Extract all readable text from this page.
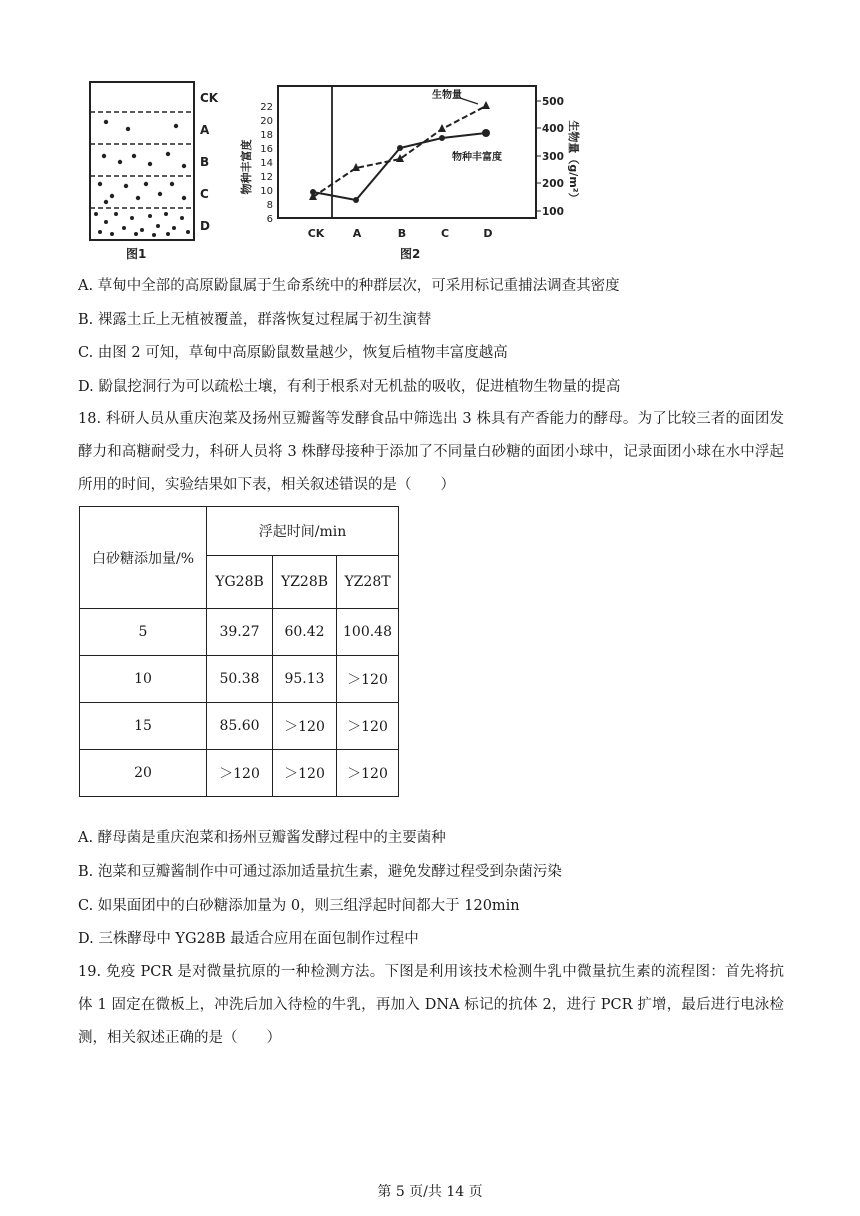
CK
A
B
C
D
图1
6
8
10
12
14
16
18
20
22
100
200
300
400
500
物种丰富度	生物量（g/m²）
CK	A	B	C	D
生物量
物种丰富度
图2
A. 草甸中全部的高原鼢鼠属于生命系统中的种群层次，可采用标记重捕法调查其密度
B. 裸露土丘上无植被覆盖，群落恢复过程属于初生演替
C. 由图 2 可知，草甸中高原鼢鼠数量越少，恢复后植物丰富度越高
D. 鼢鼠挖洞行为可以疏松土壤，有利于根系对无机盐的吸收，促进植物生物量的提高
18. 科研人员从重庆泡菜及扬州豆瓣酱等发酵食品中筛选出 3 株具有产香能力的酵母。为了比较三者的面团发酵力和高糖耐受力，科研人员将 3 株酵母接种于添加了不同量白砂糖的面团小球中，记录面团小球在水中浮起所用的时间，实验结果如下表，相关叙述错误的是（　　）
白砂糖添加量/%	浮起时间/min		
	YG28B	YZ28B	YZ28T
5	39.27	60.42	100.48
10	50.38	95.13	＞120
15	85.60	＞120	＞120
20	＞120	＞120	＞120
A. 酵母菌是重庆泡菜和扬州豆瓣酱发酵过程中的主要菌种
B. 泡菜和豆瓣酱制作中可通过添加适量抗生素，避免发酵过程受到杂菌污染
C. 如果面团中的白砂糖添加量为 0，则三组浮起时间都大于 120min
D. 三株酵母中 YG28B 最适合应用在面包制作过程中
19. 免疫 PCR 是对微量抗原的一种检测方法。下图是利用该技术检测牛乳中微量抗生素的流程图：首先将抗体 1 固定在微板上，冲洗后加入待检的牛乳，再加入 DNA 标记的抗体 2，进行 PCR 扩增，最后进行电泳检测，相关叙述正确的是（　　）
第 5 页/共 14 页
